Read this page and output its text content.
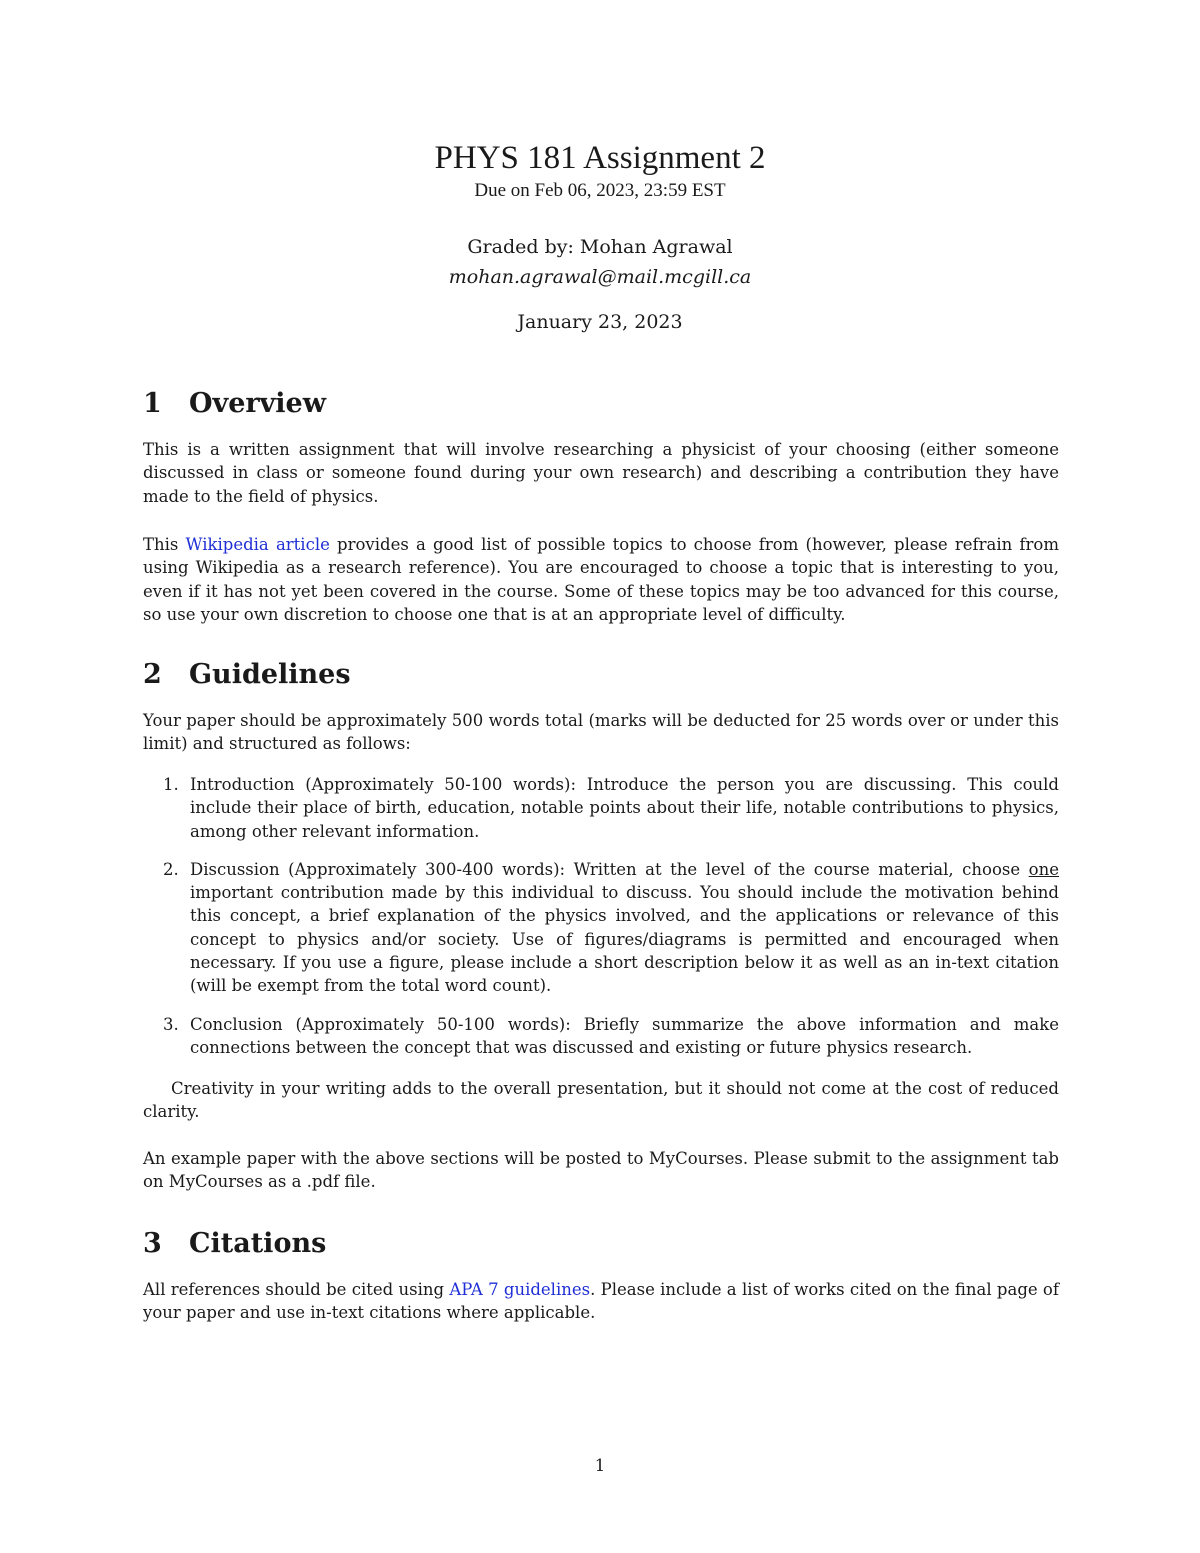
PHYS 181 Assignment 2
Due on Feb 06, 2023, 23:59 EST
Graded by: Mohan Agrawal
mohan.agrawal@mail.mcgill.ca
January 23, 2023
1 Overview

This is a written assignment that will involve researching a physicist of your choosing (either someone discussed in class or someone found during your own research) and describing a contribution they have made to the field of physics.

This Wikipedia article provides a good list of possible topics to choose from (however, please refrain from using Wikipedia as a research reference). You are encouraged to choose a topic that is interesting to you, even if it has not yet been covered in the course. Some of these topics may be too advanced for this course, so use your own discretion to choose one that is at an appropriate level of difficulty.

2 Guidelines

Your paper should be approximately 500 words total (marks will be deducted for 25 words over or under this limit) and structured as follows:

1. Introduction (Approximately 50-100 words): Introduce the person you are discussing. This could include their place of birth, education, notable points about their life, notable contributions to physics, among other relevant information.
2. Discussion (Approximately 300-400 words): Written at the level of the course material, choose one important contribution made by this individual to discuss. You should include the motivation behind this concept, a brief explanation of the physics involved, and the applications or relevance of this concept to physics and/or society. Use of figures/diagrams is permitted and encouraged when necessary. If you use a figure, please include a short description below it as well as an in-text citation (will be exempt from the total word count).
3. Conclusion (Approximately 50-100 words): Briefly summarize the above information and make connections between the concept that was discussed and existing or future physics research.

Creativity in your writing adds to the overall presentation, but it should not come at the cost of reduced clarity.

An example paper with the above sections will be posted to MyCourses. Please submit to the assignment tab on MyCourses as a .pdf file.

3 Citations

All references should be cited using APA 7 guidelines. Please include a list of works cited on the final page of your paper and use in-text citations where applicable.

1
